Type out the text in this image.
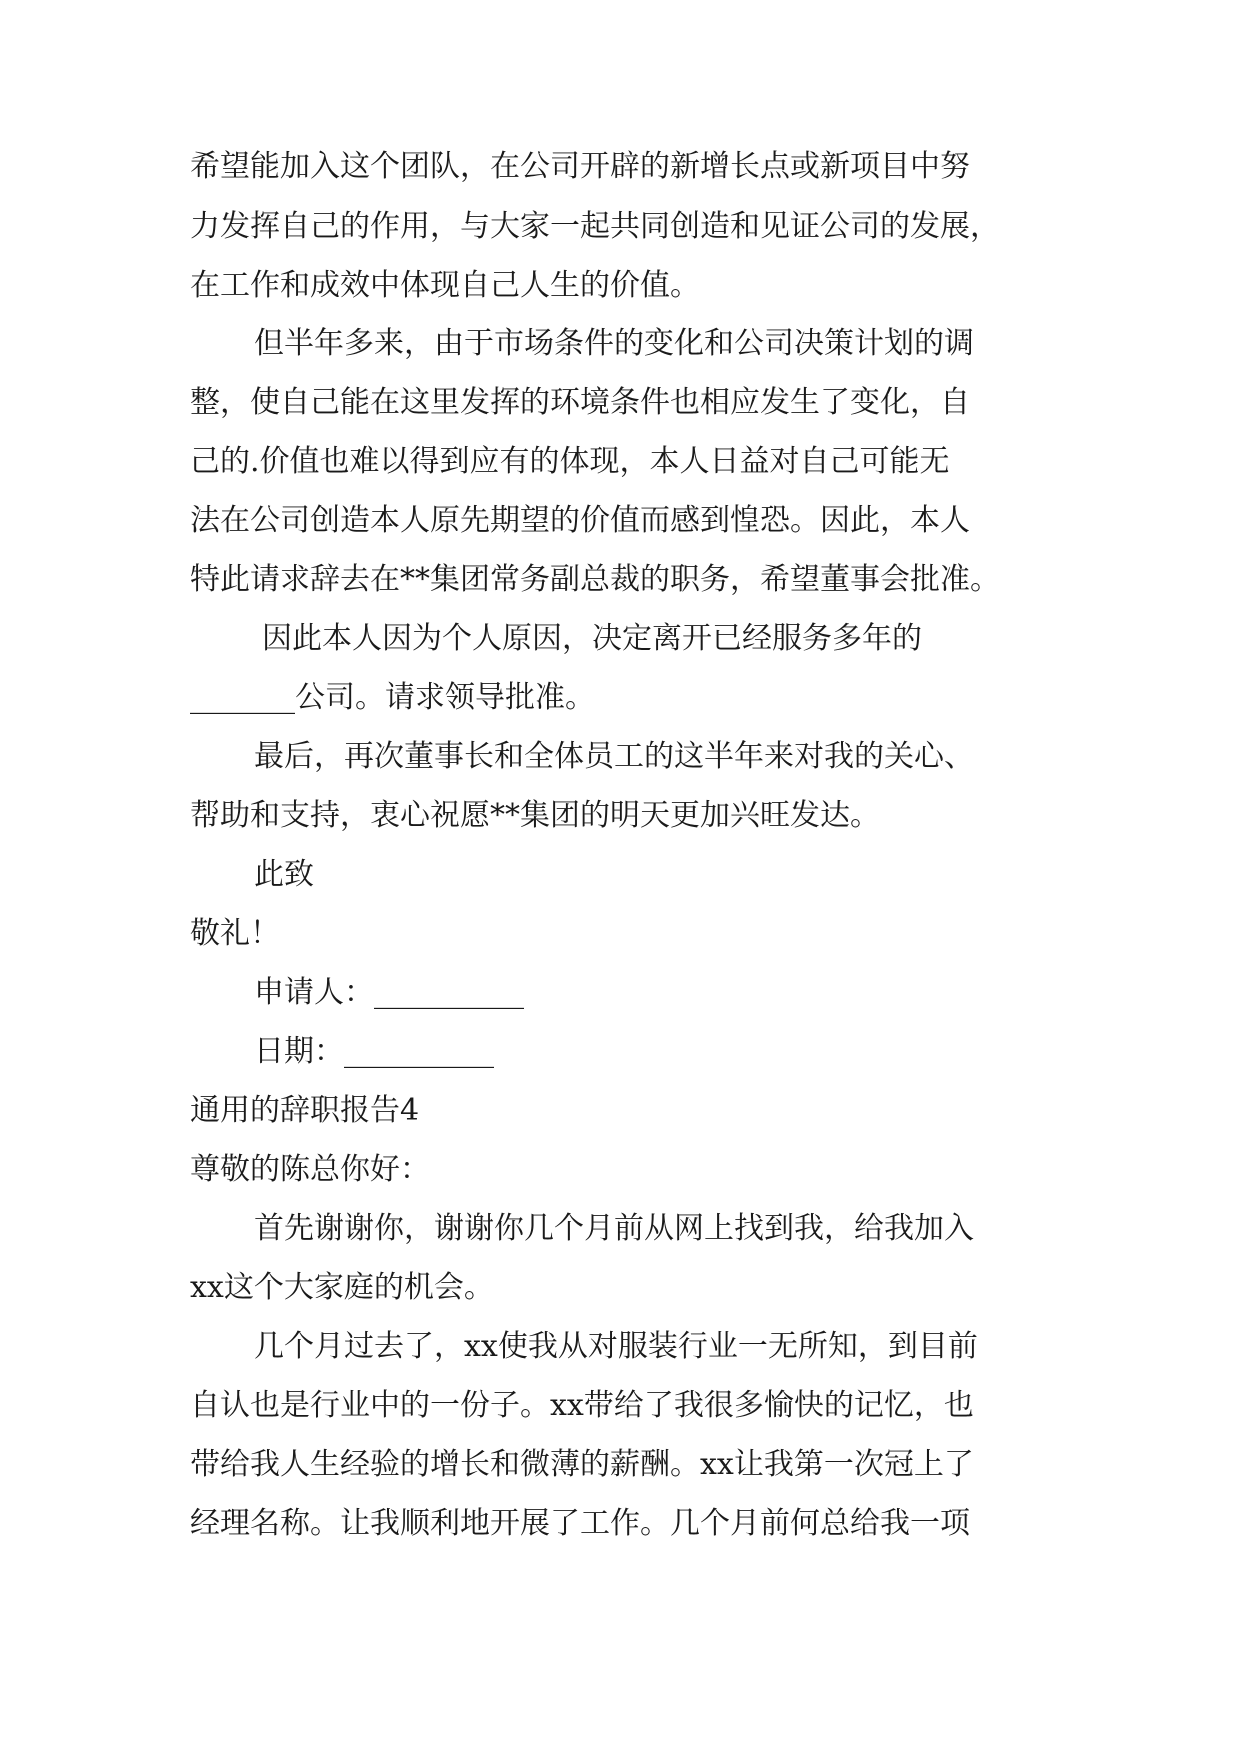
希望能加入这个团队，在公司开辟的新增长点或新项目中努
力发挥自己的作用，与大家一起共同创造和见证公司的发展，
在工作和成效中体现自己人生的价值。
但半年多来，由于市场条件的变化和公司决策计划的调
整，使自己能在这里发挥的环境条件也相应发生了变化，自
己的.价值也难以得到应有的体现，本人日益对自己可能无
法在公司创造本人原先期望的价值而感到惶恐。因此，本人
特此请求辞去在**集团常务副总裁的职务，希望董事会批准。
因此本人因为个人原因，决定离开已经服务多年的
_______公司。请求领导批准。
最后，再次董事长和全体员工的这半年来对我的关心、
帮助和支持，衷心祝愿**集团的明天更加兴旺发达。
此致
敬礼！
申请人：__________
日期：__________
通用的辞职报告4
尊敬的陈总你好：
首先谢谢你，谢谢你几个月前从网上找到我，给我加入
xx这个大家庭的机会。
几个月过去了，xx使我从对服装行业一无所知，到目前
自认也是行业中的一份子。xx带给了我很多愉快的记忆，也
带给我人生经验的增长和微薄的薪酬。xx让我第一次冠上了
经理名称。让我顺利地开展了工作。几个月前何总给我一项
